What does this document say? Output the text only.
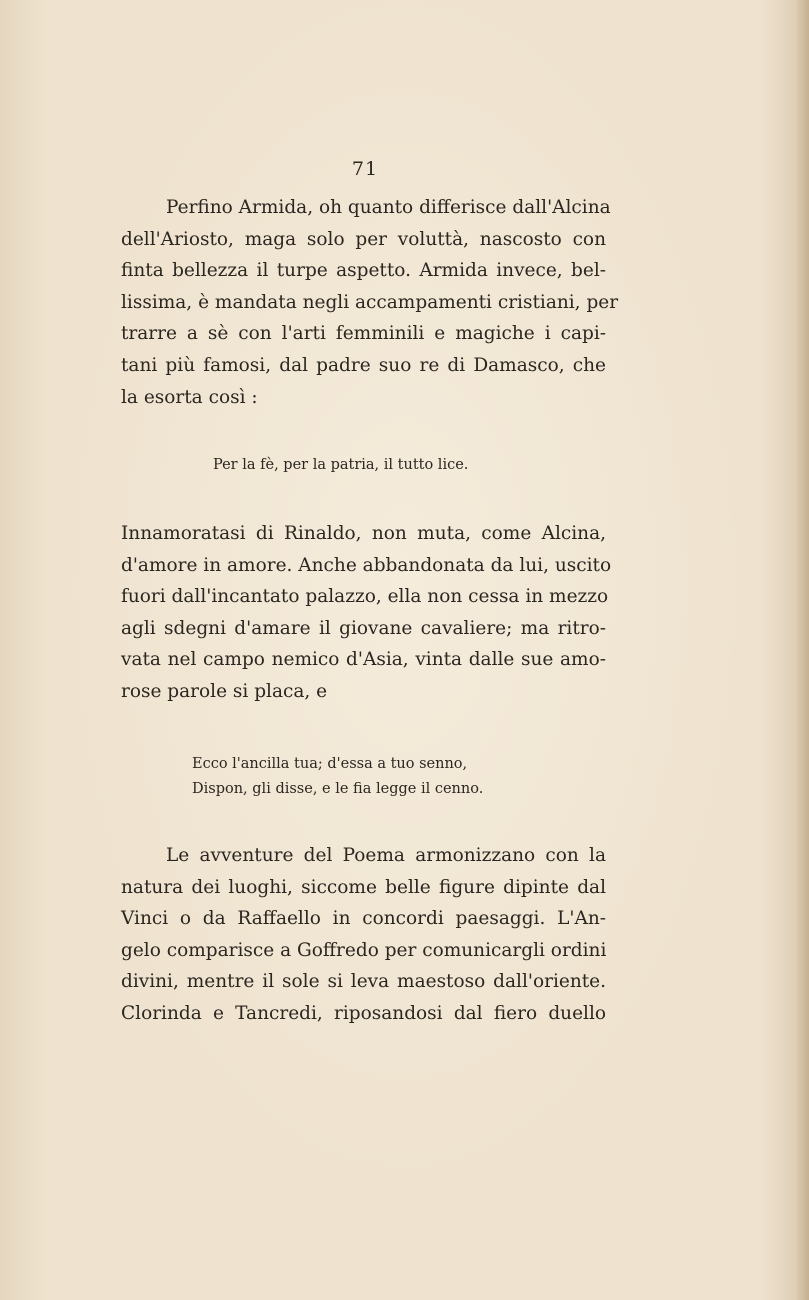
71
Perfino Armida, oh quanto differisce dall'Alcina
dell'Ariosto, maga solo per voluttà, nascosto con
finta bellezza il turpe aspetto. Armida invece, bel-
lissima, è mandata negli accampamenti cristiani, per
trarre a sè con l'arti femminili e magiche i capi-
tani più famosi, dal padre suo re di Damasco, che
la esorta così :
Per la fè, per la patria, il tutto lice.
Innamoratasi di Rinaldo, non muta, come Alcina,
d'amore in amore. Anche abbandonata da lui, uscito
fuori dall'incantato palazzo, ella non cessa in mezzo
agli sdegni d'amare il giovane cavaliere; ma ritro-
vata nel campo nemico d'Asia, vinta dalle sue amo-
rose parole si placa, e
Ecco l'ancilla tua; d'essa a tuo senno,
Dispon, gli disse, e le fia legge il cenno.
Le avventure del Poema armonizzano con la
natura dei luoghi, siccome belle figure dipinte dal
Vinci o da Raffaello in concordi paesaggi. L'An-
gelo comparisce a Goffredo per comunicargli ordini
divini, mentre il sole si leva maestoso dall'oriente.
Clorinda e Tancredi, riposandosi dal fiero duello
